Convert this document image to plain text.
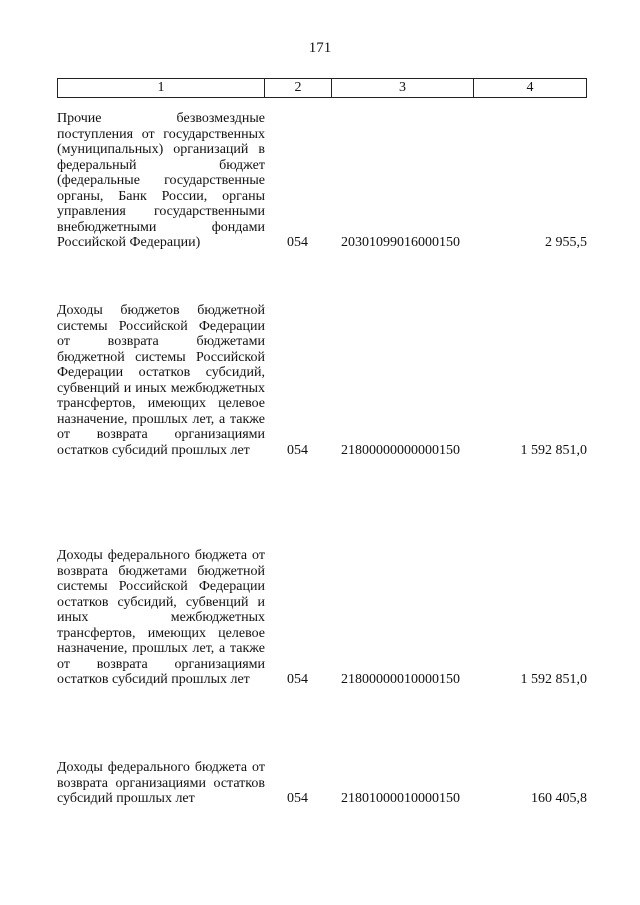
171
1	2	3	4
Прочие безвозмездные поступления от государственных (муниципальных) организаций в федеральный бюджет (федеральные государственные органы, Банк России, органы управления государственными внебюджетными фондами Российской Федерации)	054 20301099016000150	2 955,5
Доходы бюджетов бюджетной системы Российской Федерации от возврата бюджетами бюджетной системы Российской Федерации остатков субсидий, субвенций и иных межбюджетных трансфертов, имеющих целевое назначение, прошлых лет, а также от возврата организациями остатков субсидий прошлых лет	054 21800000000000150	1 592 851,0
Доходы федерального бюджета от возврата бюджетами бюджетной системы Российской Федерации остатков субсидий, субвенций и иных межбюджетных трансфертов, имеющих целевое назначение, прошлых лет, а также от возврата организациями остатков субсидий прошлых лет	054 21800000010000150	1 592 851,0
Доходы федерального бюджета от возврата организациями остатков субсидий прошлых лет	054 21801000010000150	160 405,8
